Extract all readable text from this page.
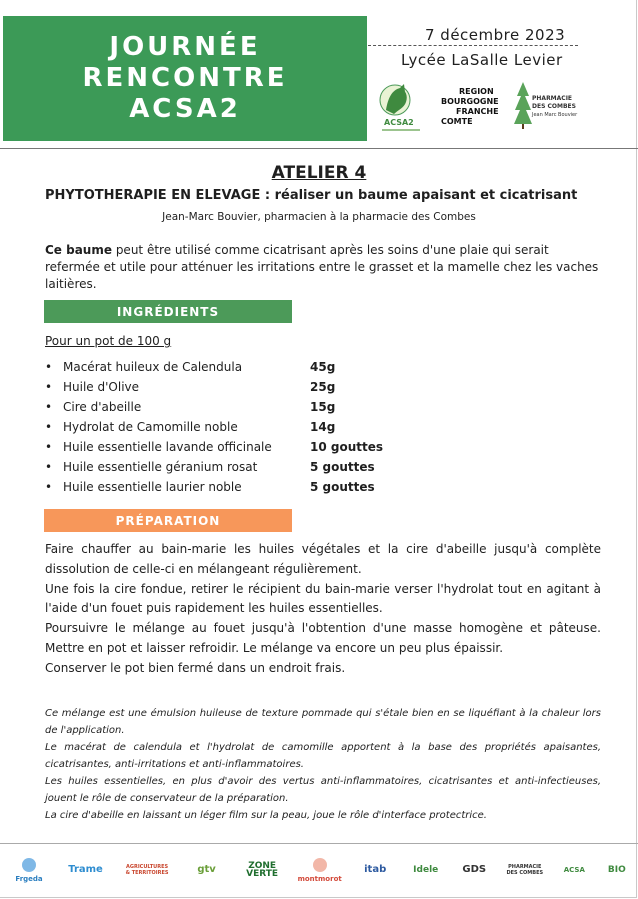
JOURNÉE
RENCONTRE
ACSA2
7 décembre 2023
Lycée LaSalle Levier
ACSA2
REGION
BOURGOGNE
FRANCHE
COMTE
PHARMACIE
DES COMBES
Jean Marc Bouvier
ATELIER 4
PHYTOTHERAPIE EN ELEVAGE : réaliser un baume apaisant et cicatrisant
Jean-Marc Bouvier, pharmacien à la pharmacie des Combes
Ce baume peut être utilisé comme cicatrisant après les soins d'une plaie qui serait refermée et utile pour atténuer les irritations entre le grasset et la mamelle chez les vaches laitières.
INGRÉDIENTS
Pour un pot de 100 g
• Macérat huileux de Calendula	45g
• Huile d'Olive	25g
• Cire d'abeille	15g
• Hydrolat de Camomille noble	14g
• Huile essentielle lavande officinale	10 gouttes
• Huile essentielle géranium rosat	5 gouttes
• Huile essentielle laurier noble	5 gouttes
PRÉPARATION

Faire chauffer au bain-marie les huiles végétales et la cire d'abeille jusqu'à complète dissolution de celle-ci en mélangeant régulièrement.

Une fois la cire fondue, retirer le récipient du bain-marie verser l'hydrolat tout en agitant à l'aide d'un fouet puis rapidement les huiles essentielles.

Poursuivre le mélange au fouet jusqu'à l'obtention d'une masse homogène et pâteuse. Mettre en pot et laisser refroidir. Le mélange va encore un peu plus épaissir.

Conserver le pot bien fermé dans un endroit frais.

Ce mélange est une émulsion huileuse de texture pommade qui s'étale bien en se liquéfiant à la chaleur lors de l'application.

Le macérat de calendula et l'hydrolat de camomille apportent à la base des propriétés apaisantes, cicatrisantes, anti-irritations et anti-inflammatoires.

Les huiles essentielles, en plus d'avoir des vertus anti-inflammatoires, cicatrisantes et anti-infectieuses, jouent le rôle de conservateur de la préparation.

La cire d'abeille en laissant un léger film sur la peau, joue le rôle d'interface protectrice.

Frgeda
Trame	AGRICULTURES & TERRITOIRES	gtv	ZONE VERTE	montmorot
itab	Idele	GDS	PHARMACIE DES COMBES	ACSA	BIO
